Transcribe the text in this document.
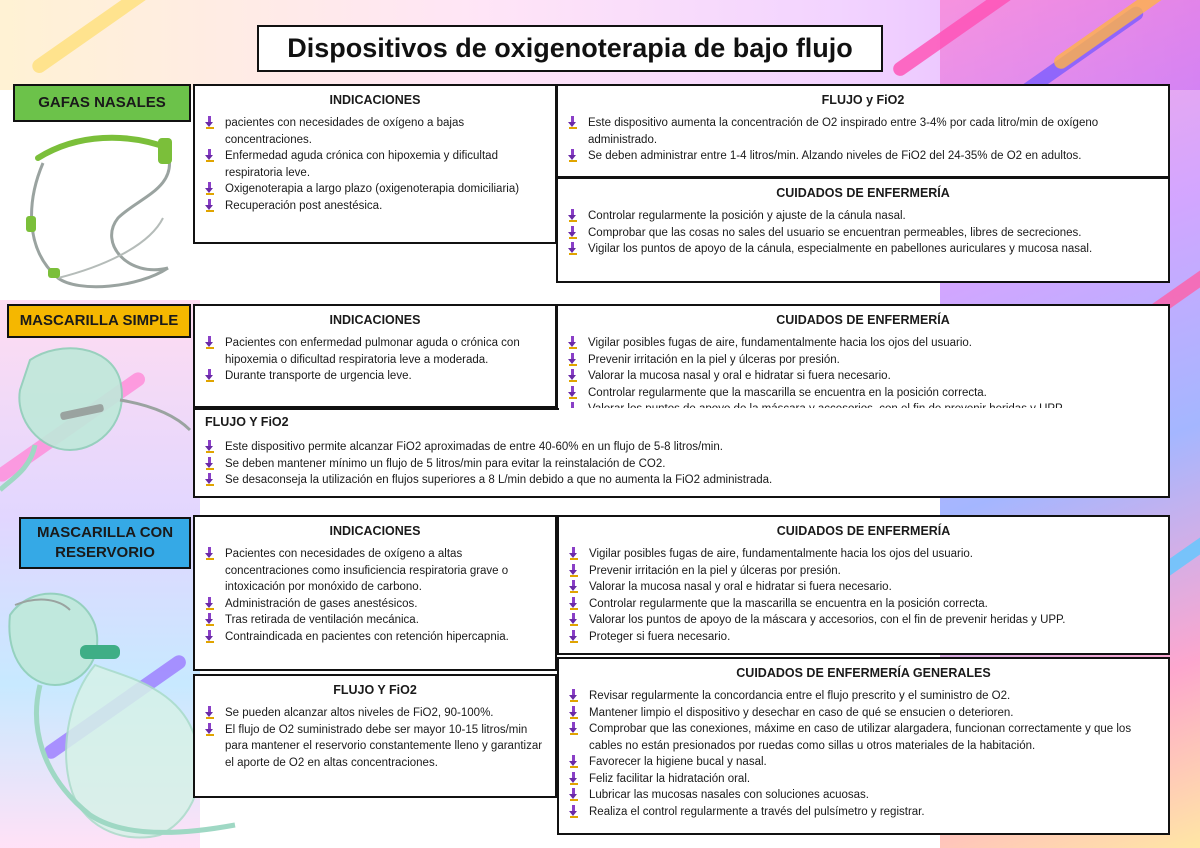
Dispositivos de oxigenoterapia de bajo flujo
GAFAS NASALES	INDICACIONES
pacientes con necesidades de oxígeno a bajas concentraciones.
Enfermedad aguda crónica con hipoxemia y dificultad respiratoria leve.
Oxigenoterapia a largo plazo (oxigenoterapia domiciliaria)
Recuperación post anestésica.
FLUJO y FiO2
Este dispositivo aumenta la concentración de O2 inspirado entre 3-4% por cada litro/min de oxígeno administrado.
Se deben administrar entre 1-4 litros/min. Alzando niveles de FiO2 del 24-35% de O2 en adultos.
CUIDADOS DE ENFERMERÍA
Controlar regularmente la posición y ajuste de la cánula nasal.
Comprobar que las cosas no sales del usuario se encuentran permeables, libres de secreciones.
Vigilar los puntos de apoyo de la cánula, especialmente en pabellones auriculares y mucosa nasal.
MASCARILLA SIMPLE	INDICACIONES
Pacientes con enfermedad pulmonar aguda o crónica con hipoxemia o dificultad respiratoria leve a moderada.
Durante transporte de urgencia leve.
CUIDADOS DE ENFERMERÍA
Vigilar posibles fugas de aire, fundamentalmente hacia los ojos del usuario.
Prevenir irritación en la piel y úlceras por presión.
Valorar la mucosa nasal y oral e hidratar si fuera necesario.
Controlar regularmente que la mascarilla se encuentra en la posición correcta.
FLUJO Y FiO2
Este dispositivo permite alcanzar FiO2 aproximadas de entre 40-60% en un flujo de 5-8 litros/min.
Se deben mantener mínimo un flujo de 5 litros/min para evitar la reinstalación de CO2.
Se desaconseja la utilización en flujos superiores a 8 L/min debido a que no aumenta la FiO2 administrada.
MASCARILLA CON RESERVORIO
INDICACIONES
Pacientes con necesidades de oxígeno a altas concentraciones como insuficiencia respiratoria grave o intoxicación por monóxido de carbono.
Administración de gases anestésicos.
Tras retirada de ventilación mecánica.
Contraindicada en pacientes con retención hipercapnia.
FLUJO Y FiO2
Se pueden alcanzar altos niveles de FiO2, 90-100%.
El flujo de O2 suministrado debe ser mayor 10-15 litros/min para mantener el reservorio constantemente lleno y garantizar el aporte de O2 en altas concentraciones.
CUIDADOS DE ENFERMERÍA
Vigilar posibles fugas de aire, fundamentalmente hacia los ojos del usuario.
Prevenir irritación en la piel y úlceras por presión.
Valorar la mucosa nasal y oral e hidratar si fuera necesario.
Controlar regularmente que la mascarilla se encuentra en la posición correcta.
Valorar los puntos de apoyo de la máscara y accesorios, con el fin de prevenir heridas y UPP.
Proteger si fuera necesario.
CUIDADOS DE ENFERMERÍA GENERALES
Revisar regularmente la concordancia entre el flujo prescrito y el suministro de O2.
Mantener limpio el dispositivo y desechar en caso de qué se ensucien o deterioren.
Comprobar que las conexiones, máxime en caso de utilizar alargadera, funcionan correctamente y que los cables no están presionados por ruedas como sillas u otros materiales de la habitación.
Favorecer la higiene bucal y nasal.
Feliz facilitar la hidratación oral.
Lubricar las mucosas nasales con soluciones acuosas.
Realiza el control regularmente a través del pulsímetro y registrar.
